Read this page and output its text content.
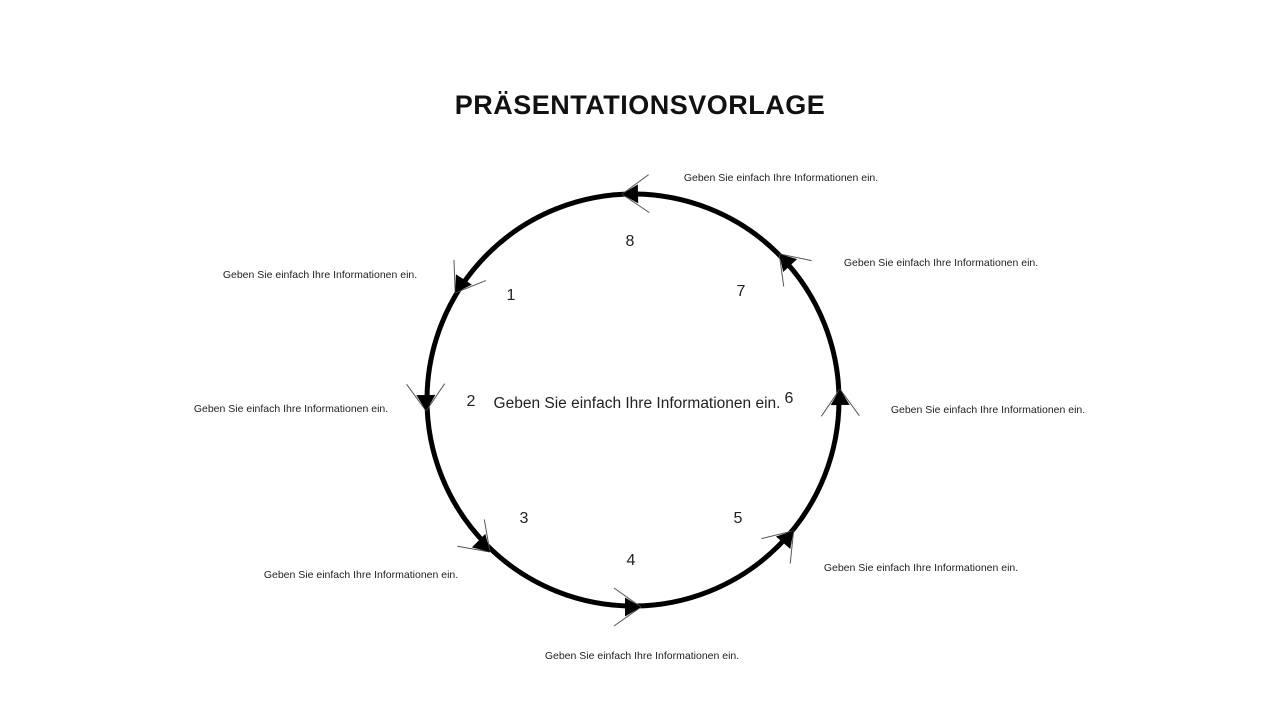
PRÄSENTATIONSVORLAGE
1
2
3
4
5
6
7
8
Geben Sie einfach Ihre Informationen ein.
Geben Sie einfach Ihre Informationen ein.
Geben Sie einfach Ihre Informationen ein.
Geben Sie einfach Ihre Informationen ein.
Geben Sie einfach Ihre Informationen ein.
Geben Sie einfach Ihre Informationen ein.
Geben Sie einfach Ihre Informationen ein.
Geben Sie einfach Ihre Informationen ein.
Geben Sie einfach Ihre Informationen ein.
